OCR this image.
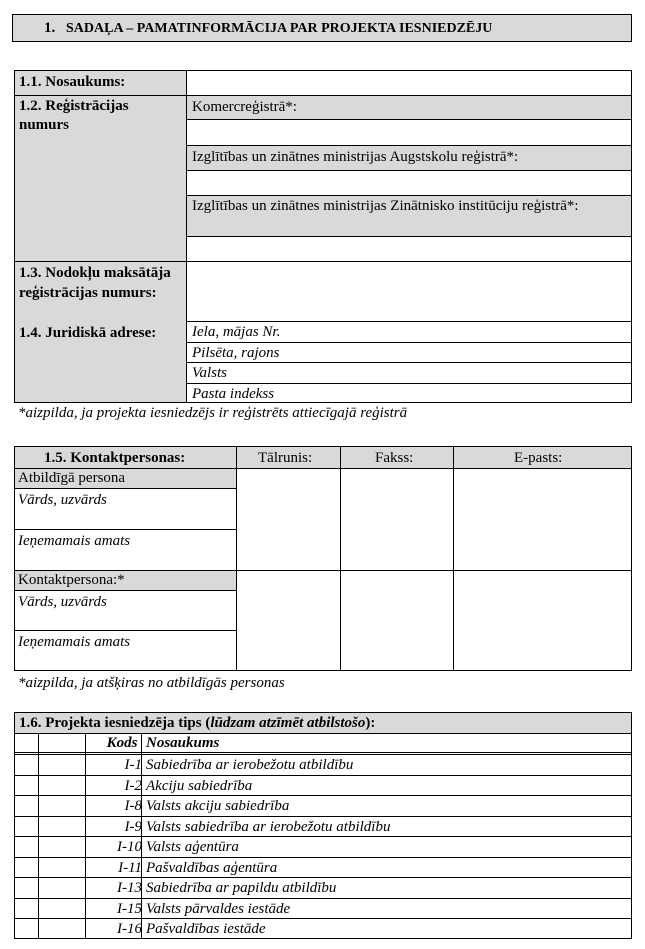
1. SADAĻA – PAMATINFORMĀCIJA PAR PROJEKTA IESNIEDZĒJU
1.1. Nosaukums:
1.2. Reģistrācijas numurs
Komercreģistrā*:
Izglītības un zinātnes ministrijas Augstskolu reģistrā*:
Izglītības un zinātnes ministrijas Zinātnisko institūciju reģistrā*:
1.3. Nodokļu maksātāja reģistrācijas numurs:
1.4. Juridiskā adrese: Iela, mājas Nr.
Pilsēta, rajons
Valsts
Pasta indekss
*aizpilda, ja projekta iesniedzējs ir reģistrēts attiecīgajā reģistrā
1.5. Kontaktpersonas:	Tālrunis:	Fakss:	E-pasts:
Atbildīgā persona
Vārds, uzvārds
Ieņemamais amats
Kontaktpersona:*
Vārds, uzvārds
Ieņemamais amats
*aizpilda, ja atšķiras no atbildīgās personas
1.6. Projekta iesniedzēja tips (lūdzam atzīmēt atbilstošo):
Kods Nosaukums
I-1 Sabiedrība ar ierobežotu atbildību
I-2 Akciju sabiedrība
I-8 Valsts akciju sabiedrība
I-9 Valsts sabiedrība ar ierobežotu atbildību
I-10 Valsts aģentūra
I-11 Pašvaldības aģentūra
I-13 Sabiedrība ar papildu atbildību
I-15 Valsts pārvaldes iestāde
I-16 Pašvaldības iestāde
